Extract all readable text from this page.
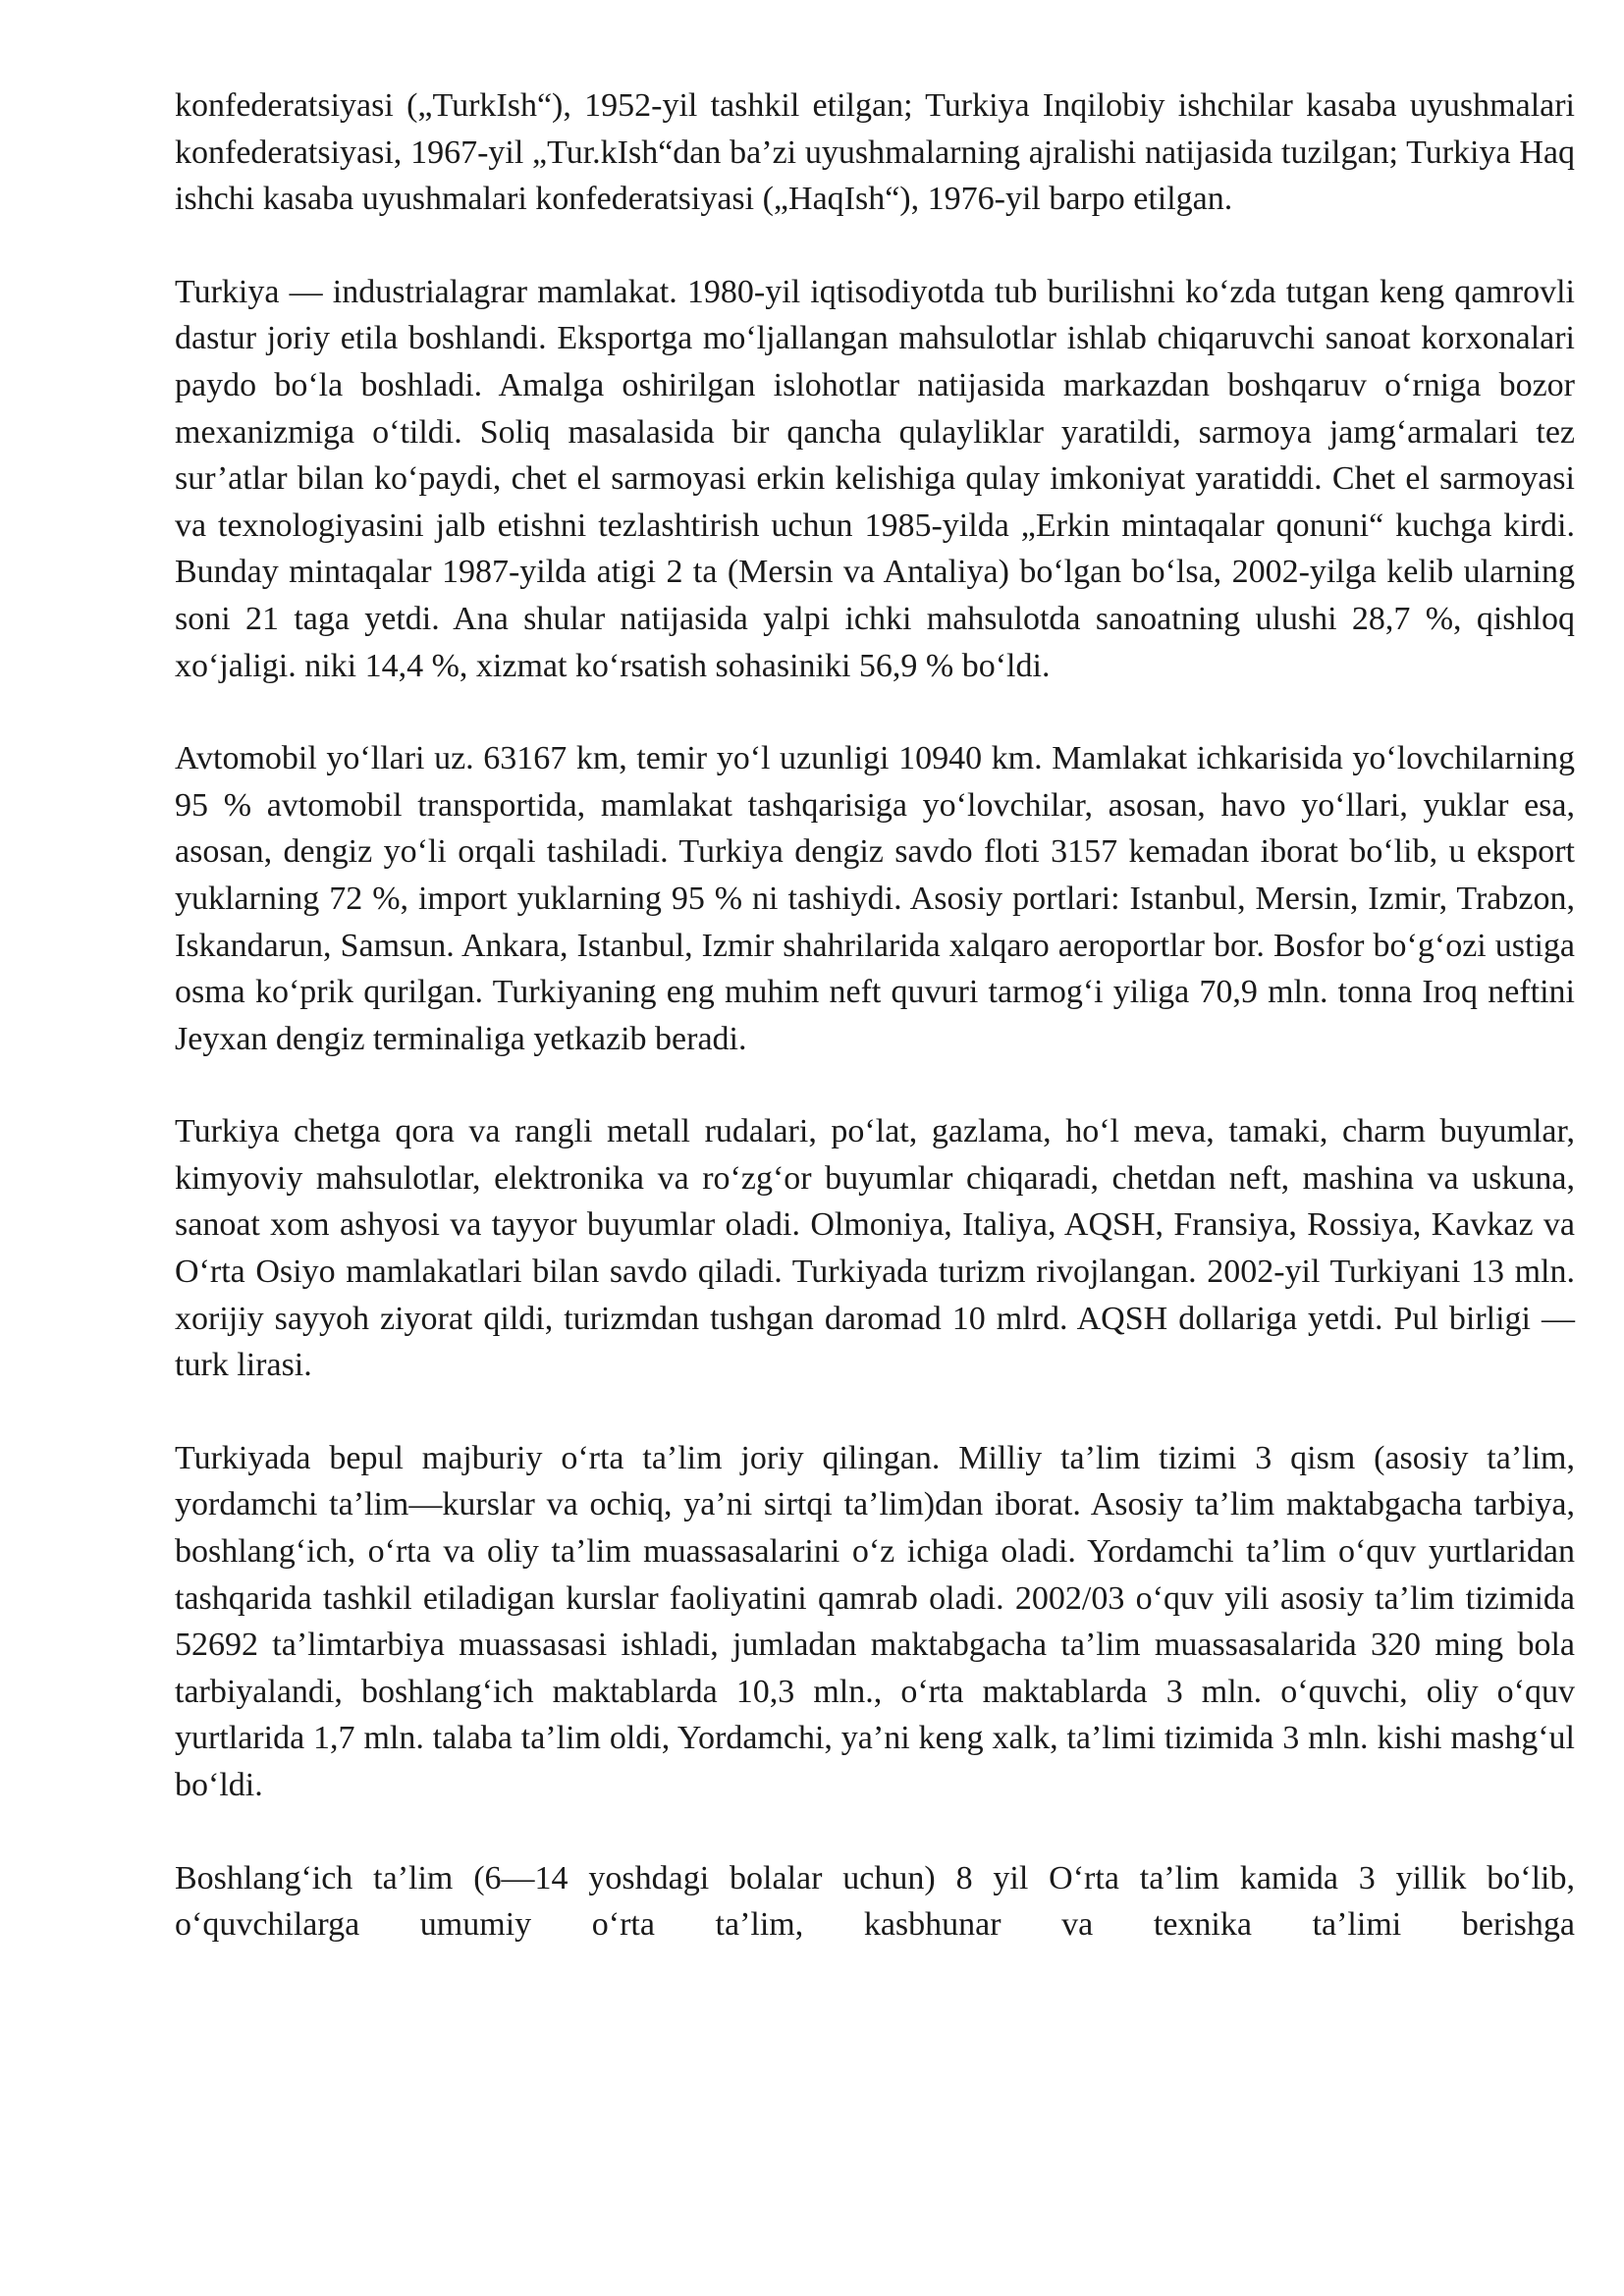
konfederatsiyasi („TurkIsh“), 1952-yil tashkil etilgan; Turkiya Inqilobiy ishchilar kasaba uyushmalari konfederatsiyasi, 1967-yil „Tur.kIsh“dan ba’zi uyushmalarning ajralishi natijasida tuzilgan; Turkiya Haq ishchi kasaba uyushmalari konfederatsiyasi („HaqIsh“), 1976-yil barpo etilgan.

Turkiya — industrialagrar mamlakat. 1980-yil iqtisodiyotda tub burilishni ko‘zda tutgan keng qamrovli dastur joriy etila boshlandi. Eksportga mo‘ljallangan mahsulotlar ishlab chiqaruvchi sanoat korxonalari paydo bo‘la boshladi. Amalga oshirilgan islohotlar natijasida markazdan boshqaruv o‘rniga bozor mexanizmiga o‘tildi. Soliq masalasida bir qancha qulayliklar yaratildi, sarmoya jamg‘armalari tez sur’atlar bilan ko‘paydi, chet el sarmoyasi erkin kelishiga qulay imkoniyat yaratiddi. Chet el sarmoyasi va texnologiyasini jalb etishni tezlashtirish uchun 1985-yilda „Erkin mintaqalar qonuni“ kuchga kirdi. Bunday mintaqalar 1987-yilda atigi 2 ta (Mersin va Antaliya) bo‘lgan bo‘lsa, 2002-yilga kelib ularning soni 21 taga yetdi. Ana shular natijasida yalpi ichki mahsulotda sanoatning ulushi 28,7 %, qishloq xo‘jaligi. niki 14,4 %, xizmat ko‘rsatish sohasiniki 56,9 % bo‘ldi.

Avtomobil yo‘llari uz. 63167 km, temir yo‘l uzunligi 10940 km. Mamlakat ichkarisida yo‘lovchilarning 95 % avtomobil transportida, mamlakat tashqarisiga yo‘lovchilar, asosan, havo yo‘llari, yuklar esa, asosan, dengiz yo‘li orqali tashiladi. Turkiya dengiz savdo floti 3157 kemadan iborat bo‘lib, u eksport yuklarning 72 %, import yuklarning 95 % ni tashiydi. Asosiy portlari: Istanbul, Mersin, Izmir, Trabzon, Iskandarun, Samsun. Ankara, Istanbul, Izmir shahrilarida xalqaro aeroportlar bor. Bosfor bo‘g‘ozi ustiga osma ko‘prik qurilgan. Turkiyaning eng muhim neft quvuri tarmog‘i yiliga 70,9 mln. tonna Iroq neftini Jeyxan dengiz terminaliga yetkazib beradi.

Turkiya chetga qora va rangli metall rudalari, po‘lat, gazlama, ho‘l meva, tamaki, charm buyumlar, kimyoviy mahsulotlar, elektronika va ro‘zg‘or buyumlar chiqaradi, chetdan neft, mashina va uskuna, sanoat xom ashyosi va tayyor buyumlar oladi. Olmoniya, Italiya, AQSH, Fransiya, Rossiya, Kavkaz va O‘rta Osiyo mamlakatlari bilan savdo qiladi. Turkiyada turizm rivojlangan. 2002-yil Turkiyani 13 mln. xorijiy sayyoh ziyorat qildi, turizmdan tushgan daromad 10 mlrd. AQSH dollariga yetdi. Pul birligi — turk lirasi.

Turkiyada bepul majburiy o‘rta ta’lim joriy qilingan. Milliy ta’lim tizimi 3 qism (asosiy ta’lim, yordamchi ta’lim—kurslar va ochiq, ya’ni sirtqi ta’lim)dan iborat. Asosiy ta’lim maktabgacha tarbiya, boshlang‘ich, o‘rta va oliy ta’lim muassasalarini o‘z ichiga oladi. Yordamchi ta’lim o‘quv yurtlaridan tashqarida tashkil etiladigan kurslar faoliyatini qamrab oladi. 2002/03 o‘quv yili asosiy ta’lim tizimida 52692 ta’limtarbiya muassasasi ishladi, jumladan maktabgacha ta’lim muassasalarida 320 ming bola tarbiyalandi, boshlang‘ich maktablarda 10,3 mln., o‘rta maktablarda 3 mln. o‘quvchi, oliy o‘quv yurtlarida 1,7 mln. talaba ta’lim oldi, Yordamchi, ya’ni keng xalk, ta’limi tizimida 3 mln. kishi mashg‘ul bo‘ldi.

Boshlang‘ich ta’lim (6—14 yoshdagi bolalar uchun) 8 yil O‘rta ta’lim kamida 3 yillik bo‘lib, o‘quvchilarga umumiy o‘rta ta’lim, kasbhunar va texnika ta’limi berishga
